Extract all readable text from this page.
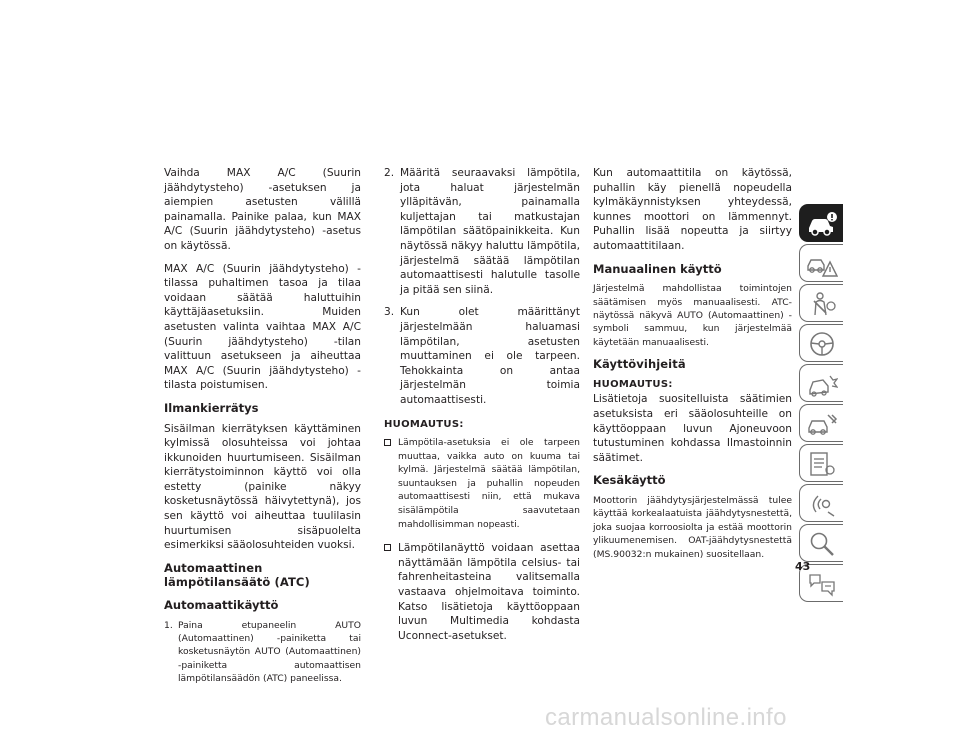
Vaihda MAX A/C (Suurin jäähdytysteho) -asetuksen ja aiempien asetusten välillä painamalla. Painike palaa, kun MAX A/C (Suurin jäähdytysteho) -asetus on käytössä.

MAX A/C (Suurin jäähdytysteho) -tilassa puhaltimen tasoa ja tilaa voidaan säätää haluttuihin käyttäjäasetuksiin. Muiden asetusten valinta vaihtaa MAX A/C (Suurin jäähdytysteho) -tilan valittuun asetukseen ja aiheuttaa MAX A/C (Suurin jäähdytysteho) -tilasta poistumisen.

Ilmankierrätys

Sisäilman kierrätyksen käyttäminen kylmissä olosuhteissa voi johtaa ikkunoiden huurtumiseen. Sisäilman kierrätystoiminnon käyttö voi olla estetty (painike näkyy kosketusnäytössä häivytettynä), jos sen käyttö voi aiheuttaa tuulilasin huurtumisen sisäpuolelta esimerkiksi sääolosuhteiden vuoksi.

Automaattinen lämpötilansäätö (ATC)
Automaattikäyttö
1. Paina etupaneelin AUTO (Automaattinen) -painiketta tai kosketusnäytön AUTO (Automaattinen) -painiketta automaattisen lämpötilansäädön (ATC) paneelissa.
2. Määritä seuraavaksi lämpötila, jota haluat järjestelmän ylläpitävän, painamalla kuljettajan tai matkustajan lämpötilan säätöpainikkeita. Kun näytössä näkyy haluttu lämpötila, järjestelmä säätää lämpötilan automaattisesti halutulle tasolle ja pitää sen siinä.
3. Kun olet määrittänyt järjestelmään haluamasi lämpötilan, asetusten muuttaminen ei ole tarpeen. Tehokkainta on antaa järjestelmän toimia automaattisesti.
HUOMAUTUS:
Lämpötila-asetuksia ei ole tarpeen muuttaa, vaikka auto on kuuma tai kylmä. Järjestelmä säätää lämpötilan, suuntauksen ja puhallin nopeuden automaattisesti niin, että mukava sisälämpötila saavutetaan mahdollisimman nopeasti.
Lämpötilanäyttö voidaan asettaa näyttämään lämpötila celsius- tai fahrenheitasteina valitsemalla vastaava ohjelmoitava toiminto. Katso lisätietoja käyttöoppaan luvun Multimedia kohdasta Uconnect-asetukset.

Kun automaattitila on käytössä, puhallin käy pienellä nopeudella kylmäkäynnistyksen yhteydessä, kunnes moottori on lämmennyt. Puhallin lisää nopeutta ja siirtyy automaattitilaan.

Manuaalinen käyttö

Järjestelmä mahdollistaa toimintojen säätämisen myös manuaalisesti. ATC-näytössä näkyvä AUTO (Automaattinen) -symboli sammuu, kun järjestelmää käytetään manuaalisesti.

Käyttövihjeitä
HUOMAUTUS:

Lisätietoja suositelluista säätimien asetuksista eri sääolosuhteille on käyttöoppaan luvun Ajoneuvoon tutustuminen kohdassa Ilmastoinnin säätimet.

Kesäkäyttö

Moottorin jäähdytysjärjestelmässä tulee käyttää korkealaatuista jäähdytysnestettä, joka suojaa korroosiolta ja estää moottorin ylikuumenemisen. OAT-jäähdytysnestettä (MS.90032:n mukainen) suositellaan.

43
carmanualsonline.info
